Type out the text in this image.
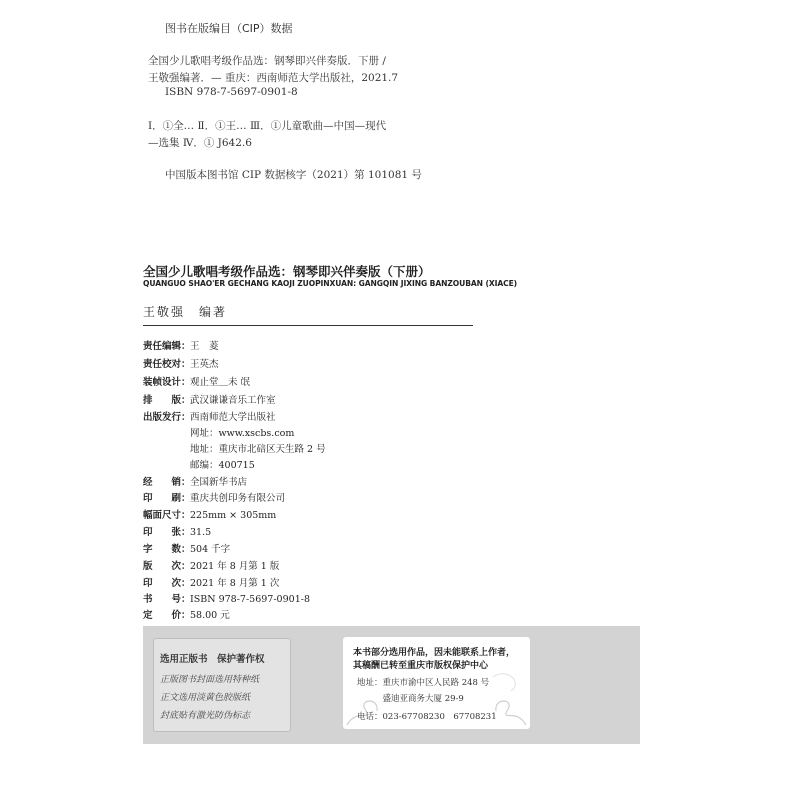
图书在版编目（CIP）数据
全国少儿歌唱考级作品选：钢琴即兴伴奏版．下册 /
王敬强编著．— 重庆：西南师范大学出版社，2021.7
ISBN 978-7-5697-0901-8
Ⅰ．①全… Ⅱ．①王… Ⅲ．①儿童歌曲—中国—现代
—选集 Ⅳ．① J642.6
中国版本图书馆 CIP 数据核字（2021）第 101081 号
全国少儿歌唱考级作品选：钢琴即兴伴奏版（下册）
QUANGUO SHAO'ER GECHANG KAOJI ZUOPINXUAN: GANGQIN JIXING BANZOUBAN (XIACE)
王敬强　编著
责任编辑：王　菱
责任校对：王英杰
装帧设计：观止堂＿未 氓
排　　版：武汉谦谦音乐工作室
出版发行：西南师范大学出版社
网址：www.xscbs.com
地址：重庆市北碚区天生路 2 号
邮编：400715
经　　销：全国新华书店
印　　刷：重庆共创印务有限公司
幅面尺寸：225mm × 305mm
印　　张：31.5
字　　数：504 千字
版　　次：2021 年 8 月第 1 版
印　　次：2021 年 8 月第 1 次
书　　号：ISBN 978-7-5697-0901-8
定　　价：58.00 元
选用正版书　保护著作权
正版图书封面选用特种纸
正文选用淡黄色胶版纸
封底贴有激光防伪标志
本书部分选用作品，因未能联系上作者，
其稿酬已转至重庆市版权保护中心
地址：重庆市渝中区人民路 248 号
　　　盛迪亚商务大厦 29-9
电话：023-67708230　67708231
